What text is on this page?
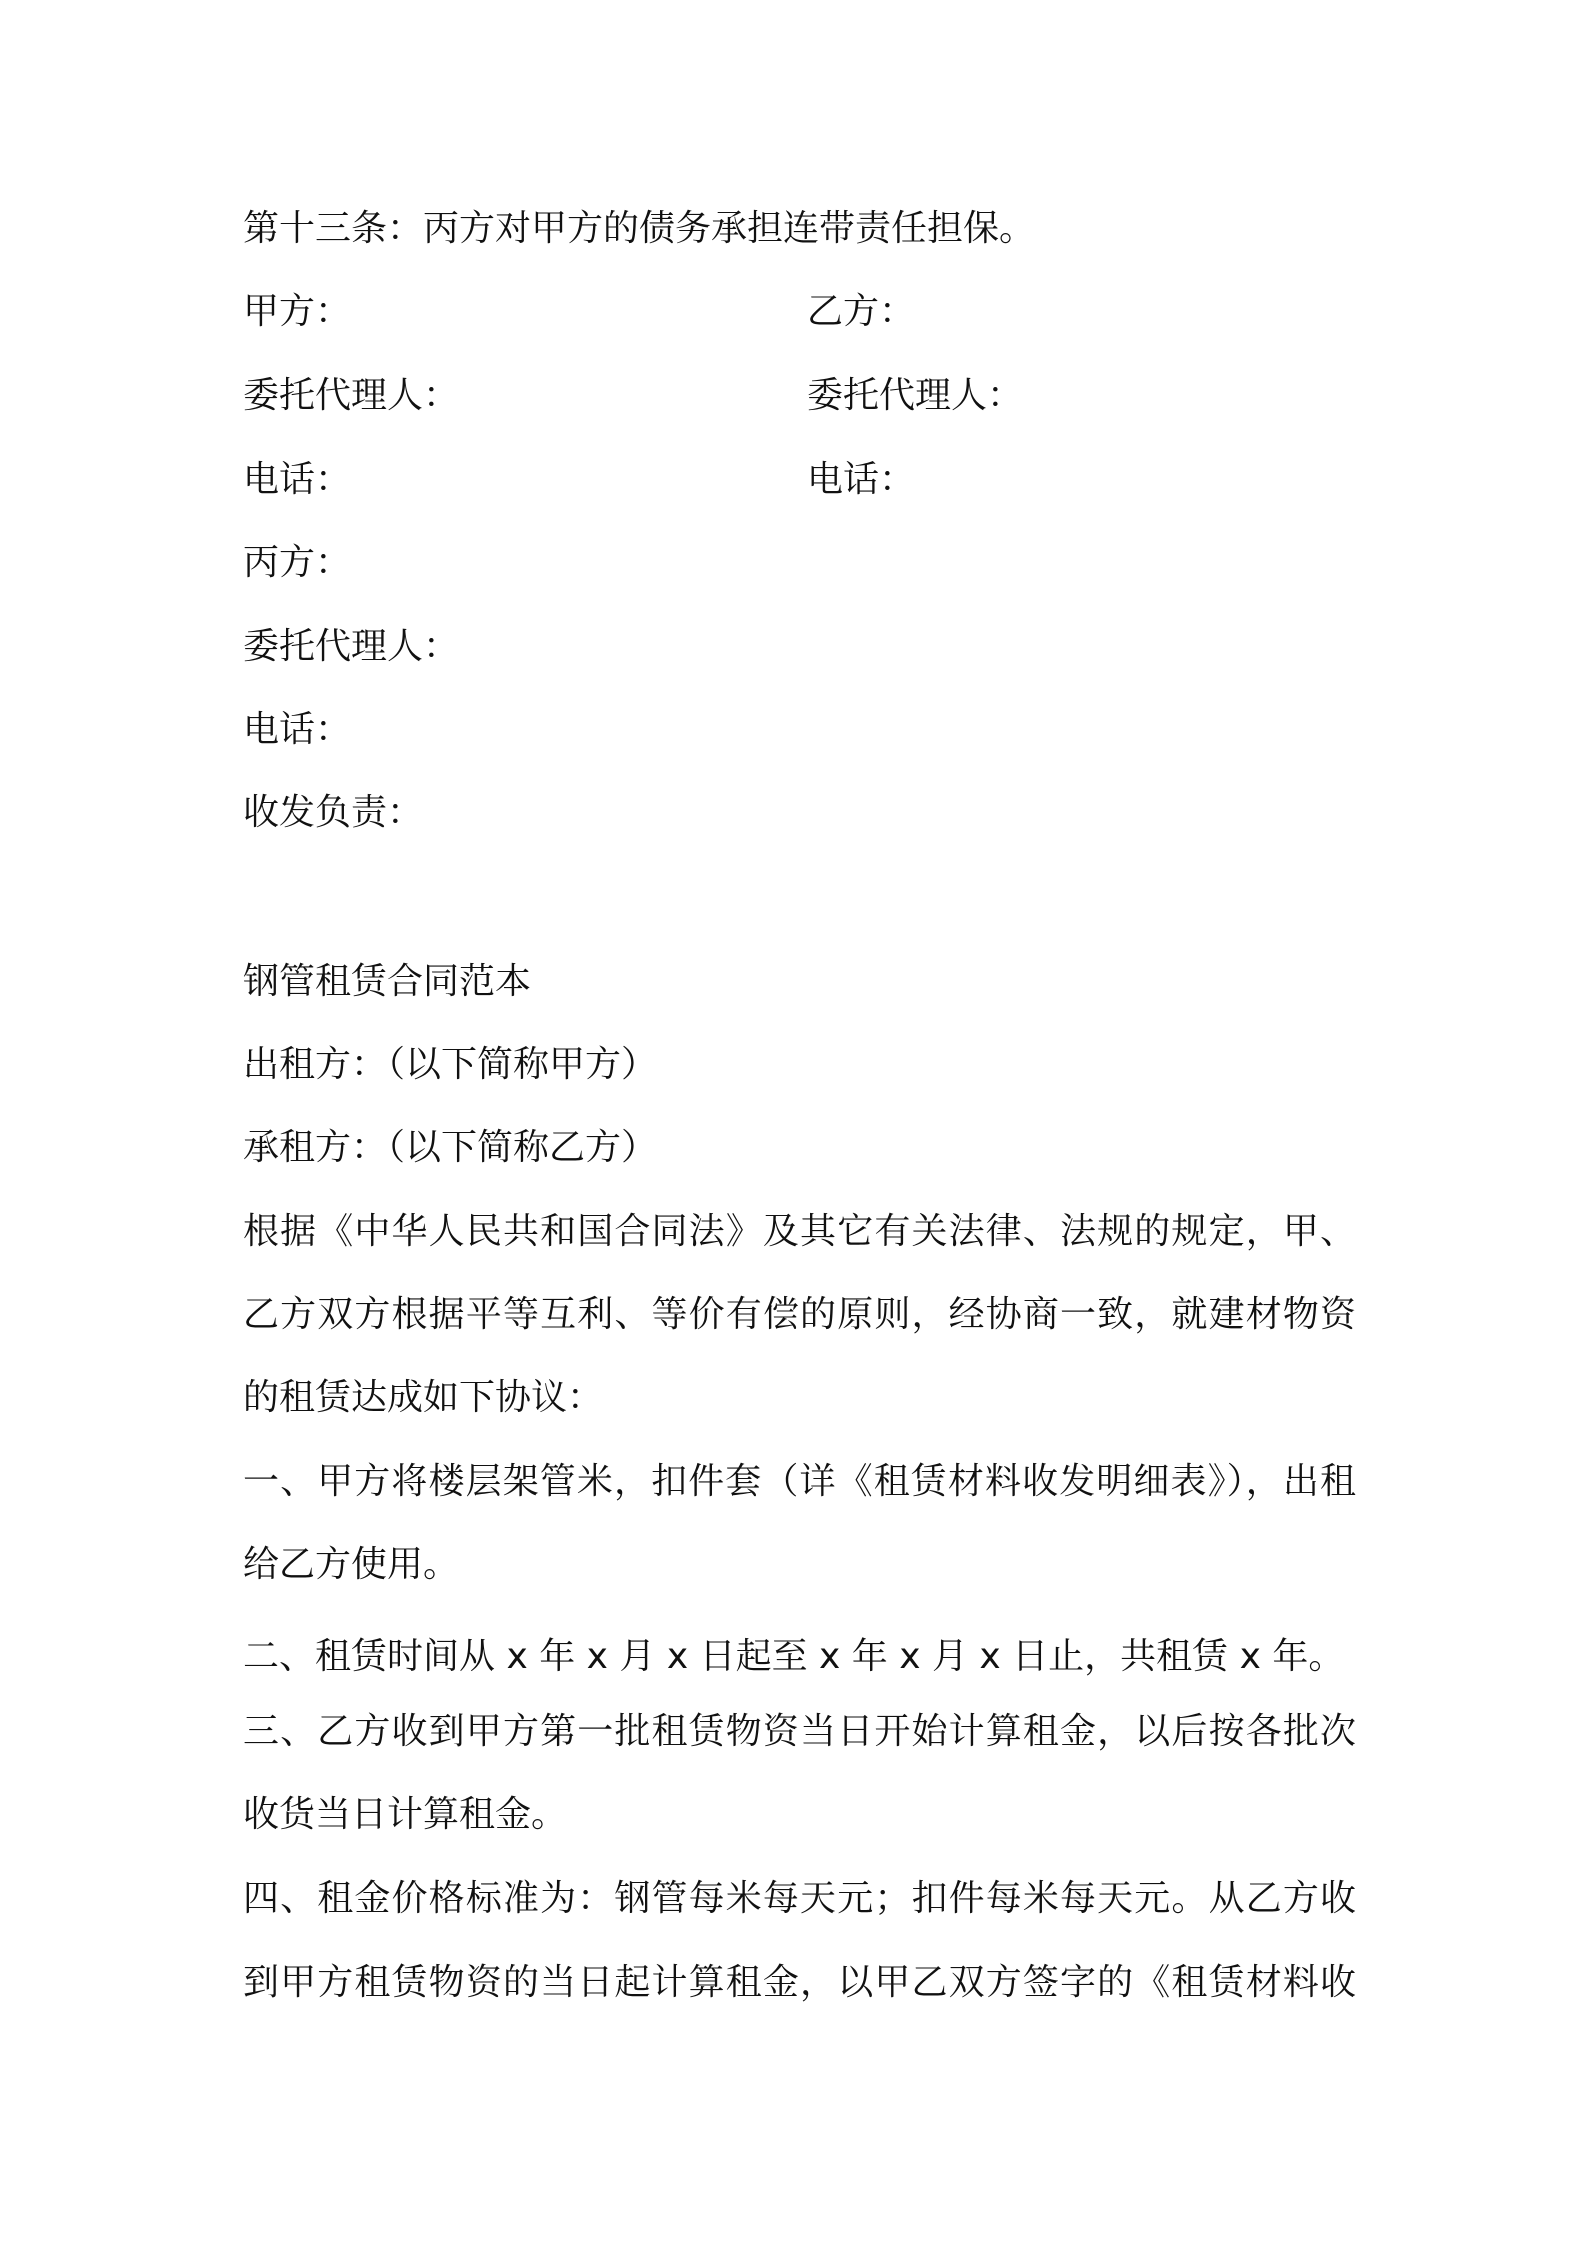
第十三条：丙方对甲方的债务承担连带责任担保。
甲方：	乙方：
委托代理人：	委托代理人：
电话：	电话：
丙方：
委托代理人：
电话：
收发负责：
钢管租赁合同范本
出租方：（以下简称甲方）
承租方：（以下简称乙方）
根据《中华人民共和国合同法》及其它有关法律、法规的规定，甲、
乙方双方根据平等互利、等价有偿的原则，经协商一致，就建材物资
的租赁达成如下协议：
一、甲方将楼层架管米，扣件套（详《租赁材料收发明细表》），出租
给乙方使用。
二、租赁时间从 x 年 x 月 x 日起至 x 年 x 月 x 日止，共租赁 x 年。
三、乙方收到甲方第一批租赁物资当日开始计算租金，以后按各批次
收货当日计算租金。
四、租金价格标准为：钢管每米每天元；扣件每米每天元。从乙方收
到甲方租赁物资的当日起计算租金，以甲乙双方签字的《租赁材料收
